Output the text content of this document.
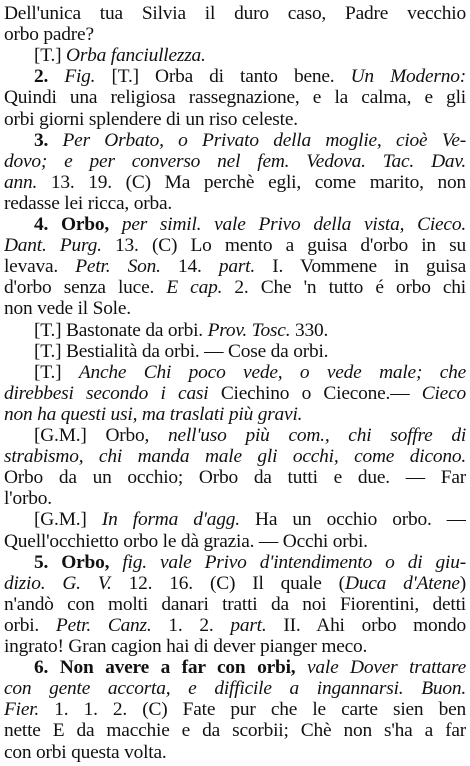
Dell'unica tua Silvia il duro caso, Padre vecchio
orbo padre?
[T.] Orba fanciullezza.
2. Fig. [T.] Orba di tanto bene. Un Moderno:
Quindi una religiosa rassegnazione, e la calma, e gli
orbi giorni splendere di un riso celeste.
3. Per Orbato, o Privato della moglie, cioè Ve-
dovo; e per converso nel fem. Vedova. Tac. Dav.
ann. 13. 19. (C) Ma perchè egli, come marito, non
redasse lei ricca, orba.
4. Orbo, per simil. vale Privo della vista, Cieco.
Dant. Purg. 13. (C) Lo mento a guisa d'orbo in su
levava. Petr. Son. 14. part. I. Vommene in guisa
d'orbo senza luce. E cap. 2. Che 'n tutto é orbo chi
non vede il Sole.
[T.] Bastonate da orbi. Prov. Tosc. 330.
[T.] Bestialità da orbi. — Cose da orbi.
[T.] Anche Chi poco vede, o vede male; che
direbbesi secondo i casi Ciechino o Ciecone.— Cieco
non ha questi usi, ma traslati più gravi.
[G.M.] Orbo, nell'uso più com., chi soffre di
strabismo, chi manda male gli occhi, come dicono.
Orbo da un occhio; Orbo da tutti e due. — Far
l'orbo.
[G.M.] In forma d'agg. Ha un occhio orbo. —
Quell'occhietto orbo le dà grazia. — Occhi orbi.
5. Orbo, fig. vale Privo d'intendimento o di giu-
dizio. G. V. 12. 16. (C) Il quale (Duca d'Atene)
n'andò con molti danari tratti da noi Fiorentini, detti
orbi. Petr. Canz. 1. 2. part. II. Ahi orbo mondo
ingrato! Gran cagion hai di dever pianger meco.
6. Non avere a far con orbi, vale Dover trattare
con gente accorta, e difficile a ingannarsi. Buon.
Fier. 1. 1. 2. (C) Fate pur che le carte sien ben
nette E da macchie e da scorbii; Chè non s'ha a far
con orbi questa volta.
